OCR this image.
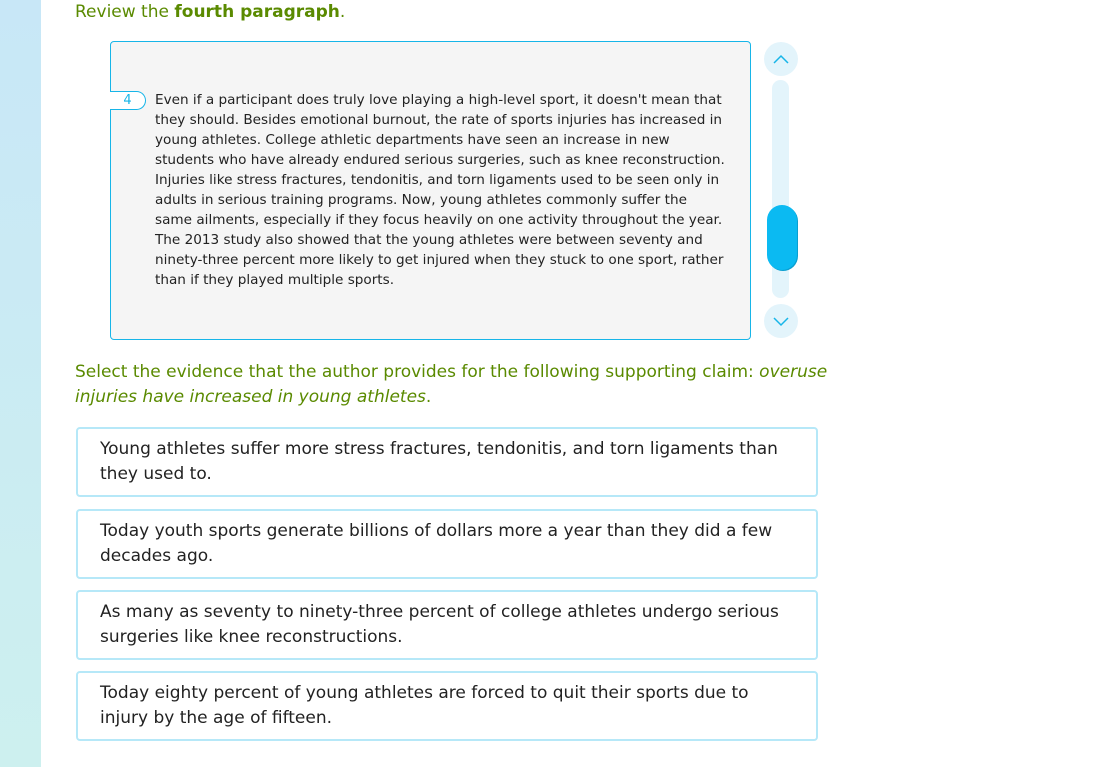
Review the fourth paragraph.
4	Even if a participant does truly love playing a high-level sport, it doesn't mean that they should. Besides emotional burnout, the rate of sports injuries has increased in young athletes. College athletic departments have seen an increase in new students who have already endured serious surgeries, such as knee reconstruction. Injuries like stress fractures, tendonitis, and torn ligaments used to be seen only in adults in serious training programs. Now, young athletes commonly suffer the same ailments, especially if they focus heavily on one activity throughout the year. The 2013 study also showed that the young athletes were between seventy and ninety-three percent more likely to get injured when they stuck to one sport, rather than if they played multiple sports.
Select the evidence that the author provides for the following supporting claim: overuse injuries have increased in young athletes.
Young athletes suffer more stress fractures, tendonitis, and torn ligaments than they used to.
Today youth sports generate billions of dollars more a year than they did a few decades ago.
As many as seventy to ninety-three percent of college athletes undergo serious surgeries like knee reconstructions.
Today eighty percent of young athletes are forced to quit their sports due to injury by the age of fifteen.
